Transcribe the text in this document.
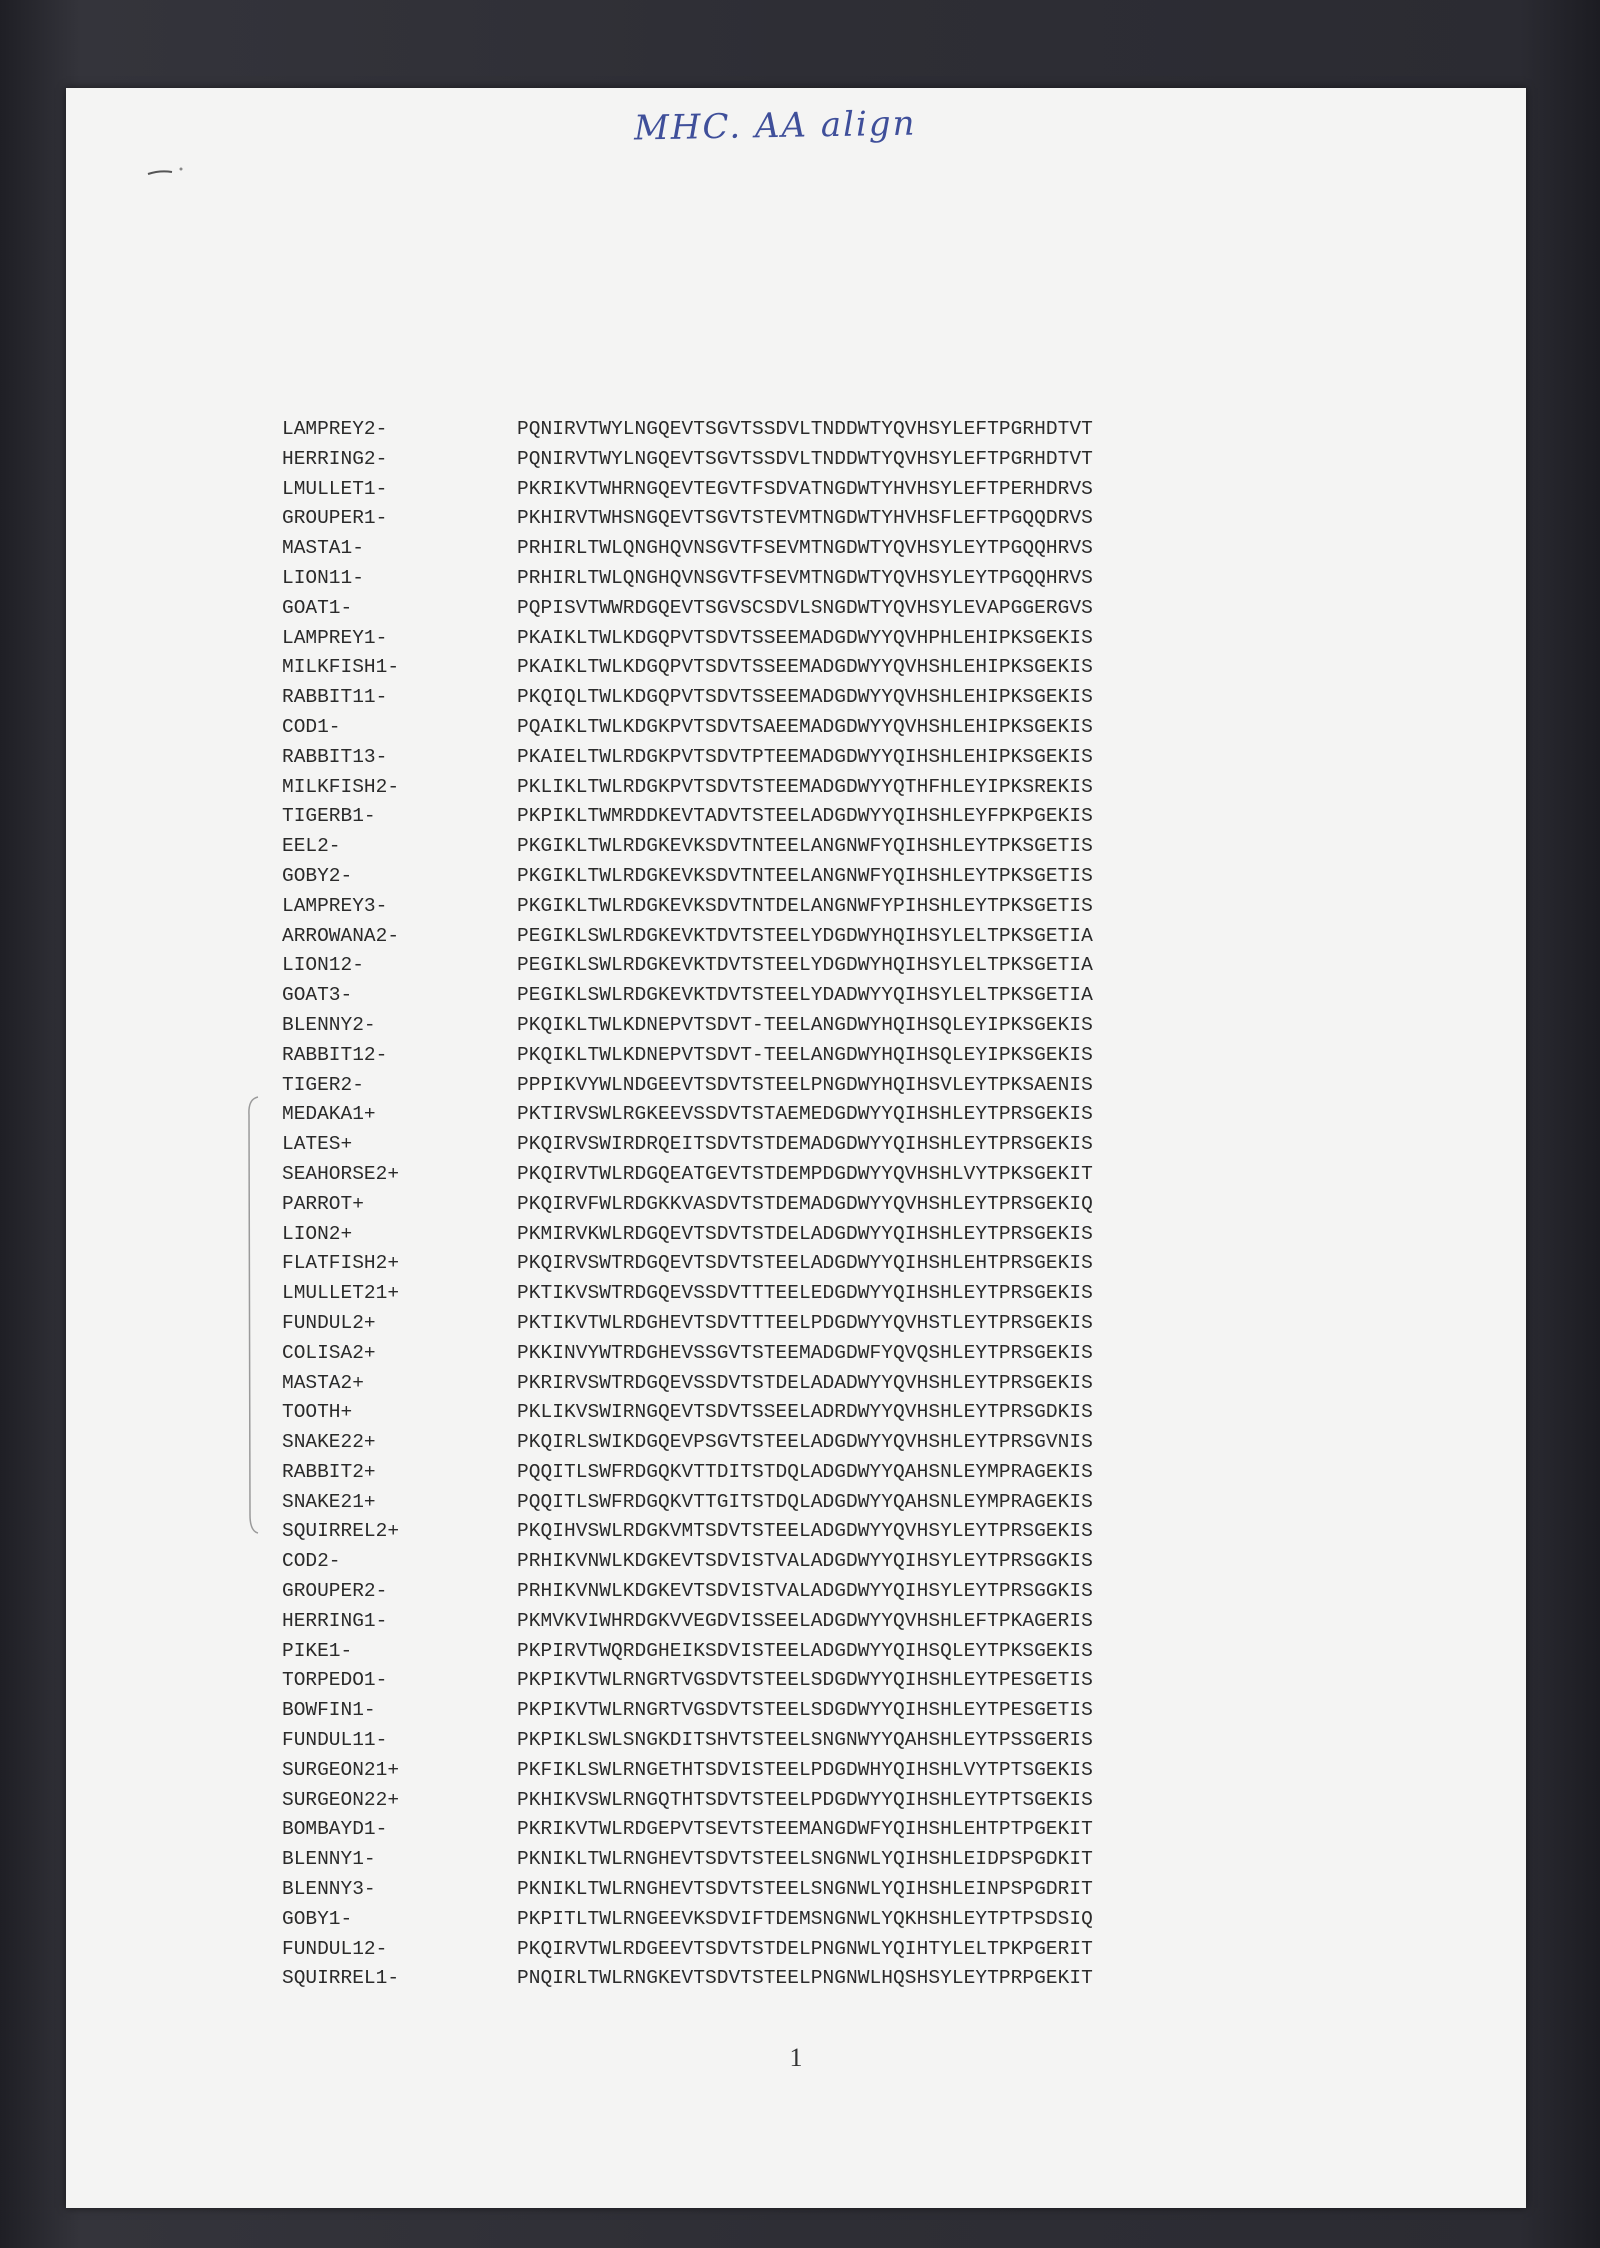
MHC. AA align
LAMPREY2-	PQNIRVTWYLNGQEVTSGVTSSDVLTNDDWTYQVHSYLEFTPGRHDTVT
HERRING2-	PQNIRVTWYLNGQEVTSGVTSSDVLTNDDWTYQVHSYLEFTPGRHDTVT
LMULLET1-	PKRIKVTWHRNGQEVTEGVTFSDVATNGDWTYHVHSYLEFTPERHDRVS
GROUPER1-	PKHIRVTWHSNGQEVTSGVTSTEVMTNGDWTYHVHSFLEFTPGQQDRVS
MASTA1-	PRHIRLTWLQNGHQVNSGVTFSEVMTNGDWTYQVHSYLEYTPGQQHRVS
LION11-	PRHIRLTWLQNGHQVNSGVTFSEVMTNGDWTYQVHSYLEYTPGQQHRVS
GOAT1-	PQPISVTWWRDGQEVTSGVSCSDVLSNGDWTYQVHSYLEVAPGGERGVS
LAMPREY1-	PKAIKLTWLKDGQPVTSDVTSSEEMADGDWYYQVHPHLEHIPKSGEKIS
MILKFISH1-	PKAIKLTWLKDGQPVTSDVTSSEEMADGDWYYQVHSHLEHIPKSGEKIS
RABBIT11-	PKQIQLTWLKDGQPVTSDVTSSEEMADGDWYYQVHSHLEHIPKSGEKIS
COD1-	PQAIKLTWLKDGKPVTSDVTSAEEMADGDWYYQVHSHLEHIPKSGEKIS
RABBIT13-	PKAIELTWLRDGKPVTSDVTPTEEMADGDWYYQIHSHLEHIPKSGEKIS
MILKFISH2-	PKLIKLTWLRDGKPVTSDVTSTEEMADGDWYYQTHFHLEYIPKSREKIS
TIGERB1-	PKPIKLTWMRDDKEVTADVTSTEELADGDWYYQIHSHLEYFPKPGEKIS
EEL2-	PKGIKLTWLRDGKEVKSDVTNTEELANGNWFYQIHSHLEYTPKSGETIS
GOBY2-	PKGIKLTWLRDGKEVKSDVTNTEELANGNWFYQIHSHLEYTPKSGETIS
LAMPREY3-	PKGIKLTWLRDGKEVKSDVTNTDELANGNWFYPIHSHLEYTPKSGETIS
ARROWANA2-	PEGIKLSWLRDGKEVKTDVTSTEELYDGDWYHQIHSYLELTPKSGETIA
LION12-	PEGIKLSWLRDGKEVKTDVTSTEELYDGDWYHQIHSYLELTPKSGETIA
GOAT3-	PEGIKLSWLRDGKEVKTDVTSTEELYDADWYYQIHSYLELTPKSGETIA
BLENNY2-	PKQIKLTWLKDNEPVTSDVT-TEELANGDWYHQIHSQLEYIPKSGEKIS
RABBIT12-	PKQIKLTWLKDNEPVTSDVT-TEELANGDWYHQIHSQLEYIPKSGEKIS
TIGER2-	PPPIKVYWLNDGEEVTSDVTSTEELPNGDWYHQIHSVLEYTPKSAENIS
MEDAKA1+	PKTIRVSWLRGKEEVSSDVTSTAEMEDGDWYYQIHSHLEYTPRSGEKIS
LATES+	PKQIRVSWIRDRQEITSDVTSTDEMADGDWYYQIHSHLEYTPRSGEKIS
SEAHORSE2+	PKQIRVTWLRDGQEATGEVTSTDEMPDGDWYYQVHSHLVYTPKSGEKIT
PARROT+	PKQIRVFWLRDGKKVASDVTSTDEMADGDWYYQVHSHLEYTPRSGEKIQ
LION2+	PKMIRVKWLRDGQEVTSDVTSTDELADGDWYYQIHSHLEYTPRSGEKIS
FLATFISH2+	PKQIRVSWTRDGQEVTSDVTSTEELADGDWYYQIHSHLEHTPRSGEKIS
LMULLET21+	PKTIKVSWTRDGQEVSSDVTTTEELEDGDWYYQIHSHLEYTPRSGEKIS
FUNDUL2+	PKTIKVTWLRDGHEVTSDVTTTEELPDGDWYYQVHSTLEYTPRSGEKIS
COLISA2+	PKKINVYWTRDGHEVSSGVTSTEEMADGDWFYQVQSHLEYTPRSGEKIS
MASTA2+	PKRIRVSWTRDGQEVSSDVTSTDELADADWYYQVHSHLEYTPRSGEKIS
TOOTH+	PKLIKVSWIRNGQEVTSDVTSSEELADRDWYYQVHSHLEYTPRSGDKIS
SNAKE22+	PKQIRLSWIKDGQEVPSGVTSTEELADGDWYYQVHSHLEYTPRSGVNIS
RABBIT2+	PQQITLSWFRDGQKVTTDITSTDQLADGDWYYQAHSNLEYMPRAGEKIS
SNAKE21+	PQQITLSWFRDGQKVTTGITSTDQLADGDWYYQAHSNLEYMPRAGEKIS
SQUIRREL2+	PKQIHVSWLRDGKVMTSDVTSTEELADGDWYYQVHSYLEYTPRSGEKIS
COD2-	PRHIKVNWLKDGKEVTSDVISTVALADGDWYYQIHSYLEYTPRSGGKIS
GROUPER2-	PRHIKVNWLKDGKEVTSDVISTVALADGDWYYQIHSYLEYTPRSGGKIS
HERRING1-	PKMVKVIWHRDGKVVEGDVISSEELADGDWYYQVHSHLEFTPKAGERIS
PIKE1-	PKPIRVTWQRDGHEIKSDVISTEELADGDWYYQIHSQLEYTPKSGEKIS
TORPEDO1-	PKPIKVTWLRNGRTVGSDVTSTEELSDGDWYYQIHSHLEYTPESGETIS
BOWFIN1-	PKPIKVTWLRNGRTVGSDVTSTEELSDGDWYYQIHSHLEYTPESGETIS
FUNDUL11-	PKPIKLSWLSNGKDITSHVTSTEELSNGNWYYQAHSHLEYTPSSGERIS
SURGEON21+	PKFIKLSWLRNGETHTSDVISTEELPDGDWHYQIHSHLVYTPTSGEKIS
SURGEON22+	PKHIKVSWLRNGQTHTSDVTSTEELPDGDWYYQIHSHLEYTPTSGEKIS
BOMBAYD1-	PKRIKVTWLRDGEPVTSEVTSTEEMANGDWFYQIHSHLEHTPTPGEKIT
BLENNY1-	PKNIKLTWLRNGHEVTSDVTSTEELSNGNWLYQIHSHLEIDPSPGDKIT
BLENNY3-	PKNIKLTWLRNGHEVTSDVTSTEELSNGNWLYQIHSHLEINPSPGDRIT
GOBY1-	PKPITLTWLRNGEEVKSDVIFTDEMSNGNWLYQKHSHLEYTPTPSDSIQ
FUNDUL12-	PKQIRVTWLRDGEEVTSDVTSTDELPNGNWLYQIHTYLELTPKPGERIT
SQUIRREL1-	PNQIRLTWLRNGKEVTSDVTSTEELPNGNWLHQSHSYLEYTPRPGEKIT
1
